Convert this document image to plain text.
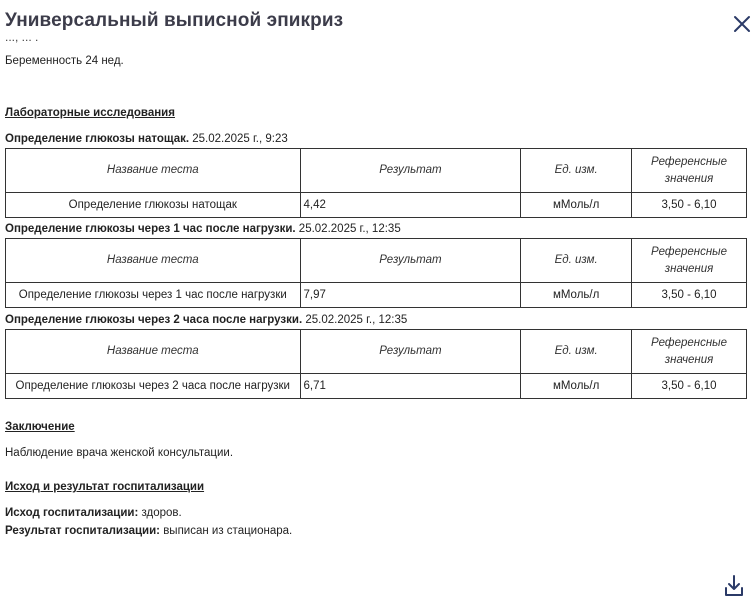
Универсальный выписной эпикриз
..., ... .
Беременность 24 нед.
Лабораторные исследования
Определение глюкозы натощак. 25.02.2025 г., 9:23
Название теста	Результат	Ед. изм.	Референсные значения
Определение глюкозы натощак	4,42	мМоль/л	3,50 - 6,10
Определение глюкозы через 1 час после нагрузки. 25.02.2025 г., 12:35
Название теста	Результат	Ед. изм.	Референсные значения
Определение глюкозы через 1 час после нагрузки	7,97	мМоль/л	3,50 - 6,10
Определение глюкозы через 2 часа после нагрузки. 25.02.2025 г., 12:35
Название теста	Результат	Ед. изм.	Референсные значения
Определение глюкозы через 2 часа после нагрузки	6,71	мМоль/л	3,50 - 6,10
Заключение
Наблюдение врача женской консультации.
Исход и результат госпитализации
Исход госпитализации: здоров.
Результат госпитализации: выписан из стационара.
